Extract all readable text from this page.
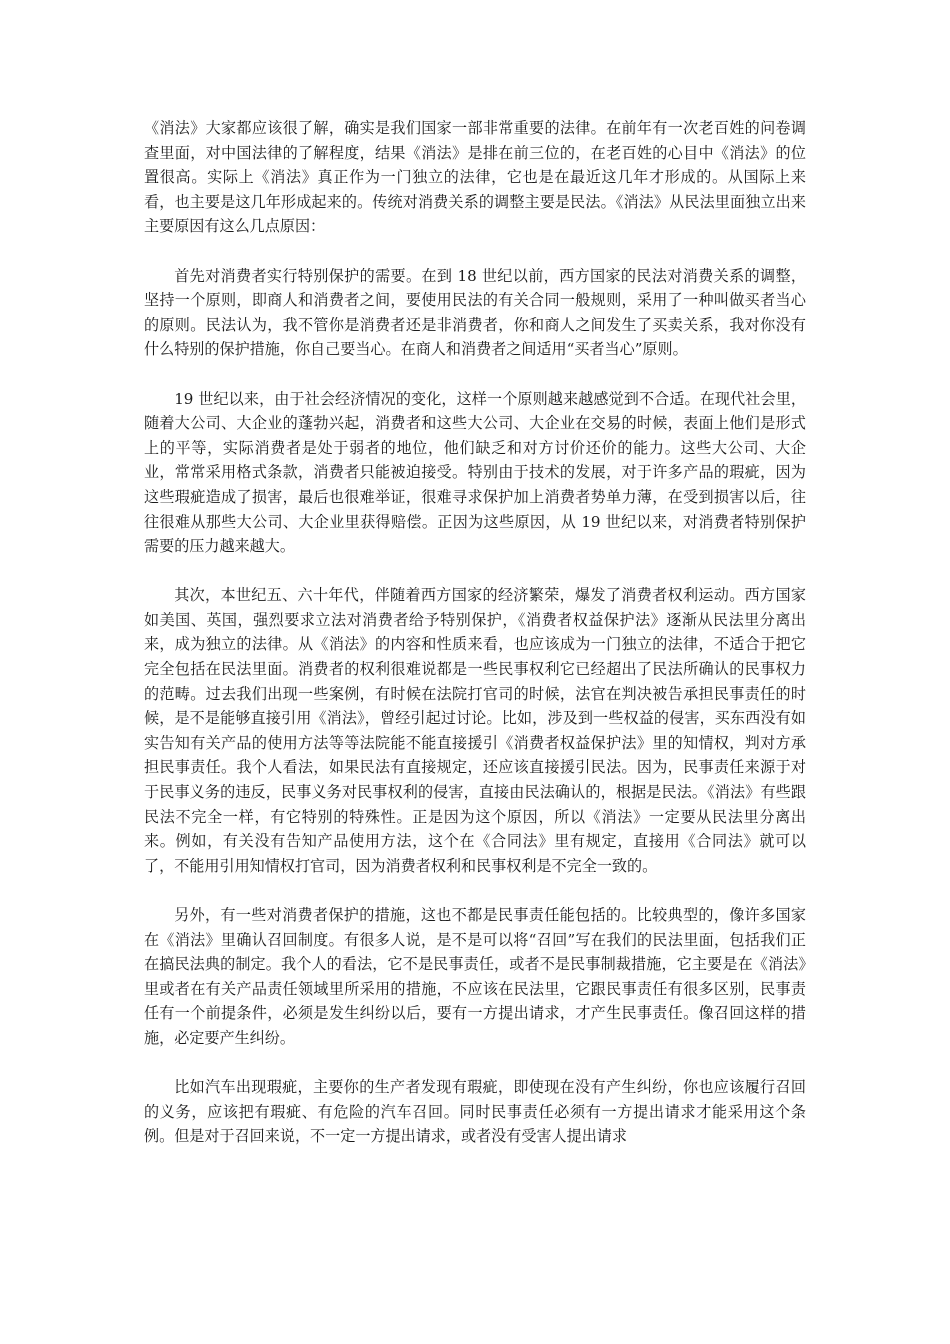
《消法》大家都应该很了解，确实是我们国家一部非常重要的法律。在前年有一次老百姓的问卷调查里面，对中国法律的了解程度，结果《消法》是排在前三位的，在老百姓的心目中《消法》的位置很高。实际上《消法》真正作为一门独立的法律，它也是在最近这几年才形成的。从国际上来看，也主要是这几年形成起来的。传统对消费关系的调整主要是民法。《消法》从民法里面独立出来主要原因有这么几点原因：

首先对消费者实行特别保护的需要。在到 18 世纪以前，西方国家的民法对消费关系的调整，坚持一个原则，即商人和消费者之间，要使用民法的有关合同一般规则，采用了一种叫做买者当心的原则。民法认为，我不管你是消费者还是非消费者，你和商人之间发生了买卖关系，我对你没有什么特别的保护措施，你自己要当心。在商人和消费者之间适用“买者当心”原则。

19 世纪以来，由于社会经济情况的变化，这样一个原则越来越感觉到不合适。在现代社会里，随着大公司、大企业的蓬勃兴起，消费者和这些大公司、大企业在交易的时候，表面上他们是形式上的平等，实际消费者是处于弱者的地位，他们缺乏和对方讨价还价的能力。这些大公司、大企业，常常采用格式条款，消费者只能被迫接受。特别由于技术的发展，对于许多产品的瑕疵，因为这些瑕疵造成了损害，最后也很难举证，很难寻求保护加上消费者势单力薄，在受到损害以后，往往很难从那些大公司、大企业里获得赔偿。正因为这些原因，从 19 世纪以来，对消费者特别保护需要的压力越来越大。

其次，本世纪五、六十年代，伴随着西方国家的经济繁荣，爆发了消费者权利运动。西方国家如美国、英国，强烈要求立法对消费者给予特别保护，《消费者权益保护法》逐渐从民法里分离出来，成为独立的法律。从《消法》的内容和性质来看，也应该成为一门独立的法律，不适合于把它完全包括在民法里面。消费者的权利很难说都是一些民事权利它已经超出了民法所确认的民事权力的范畴。过去我们出现一些案例，有时候在法院打官司的时候，法官在判决被告承担民事责任的时候，是不是能够直接引用《消法》，曾经引起过讨论。比如，涉及到一些权益的侵害，买东西没有如实告知有关产品的使用方法等等法院能不能直接援引《消费者权益保护法》里的知情权，判对方承担民事责任。我个人看法，如果民法有直接规定，还应该直接援引民法。因为，民事责任来源于对于民事义务的违反，民事义务对民事权利的侵害，直接由民法确认的，根据是民法。《消法》有些跟民法不完全一样，有它特别的特殊性。正是因为这个原因，所以《消法》一定要从民法里分离出来。例如，有关没有告知产品使用方法，这个在《合同法》里有规定，直接用《合同法》就可以了，不能用引用知情权打官司，因为消费者权利和民事权利是不完全一致的。

另外，有一些对消费者保护的措施，这也不都是民事责任能包括的。比较典型的，像许多国家在《消法》里确认召回制度。有很多人说，是不是可以将“召回”写在我们的民法里面，包括我们正在搞民法典的制定。我个人的看法，它不是民事责任，或者不是民事制裁措施，它主要是在《消法》里或者在有关产品责任领域里所采用的措施，不应该在民法里，它跟民事责任有很多区别，民事责任有一个前提条件，必须是发生纠纷以后，要有一方提出请求，才产生民事责任。像召回这样的措施，必定要产生纠纷。

比如汽车出现瑕疵，主要你的生产者发现有瑕疵，即使现在没有产生纠纷，你也应该履行召回的义务，应该把有瑕疵、有危险的汽车召回。同时民事责任必须有一方提出请求才能采用这个条例。但是对于召回来说，不一定一方提出请求，或者没有受害人提出请求
